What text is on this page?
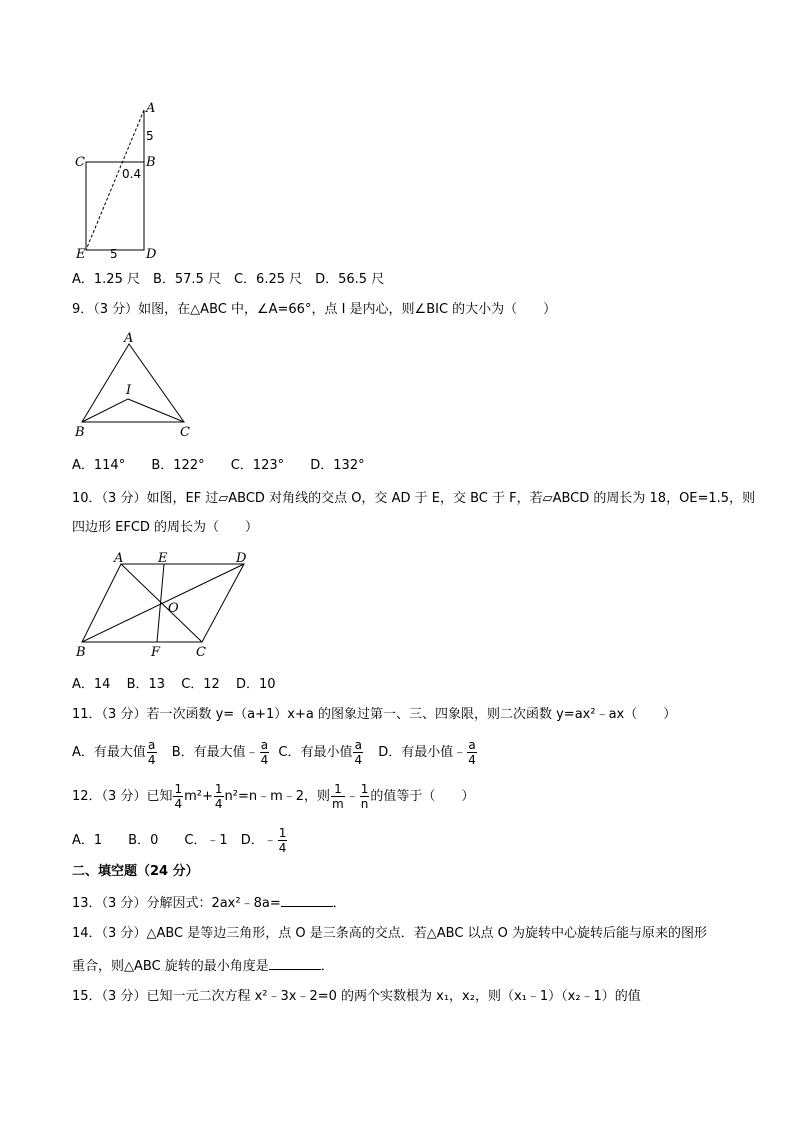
A
5
C	B
0.4
E 5 D
A．1.25 尺　B．57.5 尺　C．6.25 尺　D．56.5 尺
9．（3 分）如图，在△ABC 中，∠A=66°，点 I 是内心，则∠BIC 的大小为（　　）
A
I
B	C
A．114° B．122° C．123° D．132°
10．（3 分）如图，EF 过▱ABCD 对角线的交点 O，交 AD 于 E，交 BC 于 F，若▱ABCD 的周长为 18，OE=1.5，则
四边形 EFCD 的周长为（　　）
A	E	D
O
B	F	C
A．14 B．13 C．12 D．10
11．（3 分）若一次函数 y=（a+1）x+a 的图象过第一、三、四象限，则二次函数 y=ax²﹣ax（　　）
A．有最大值 $\frac{a}{4}$ B．有最大值﹣ $\frac{a}{4}$ C．有最小值 $\frac{a}{4}$ D．有最小值﹣ $\frac{a}{4}$
12．（3 分）已知 $\frac{1}{4} m^2+ \frac{1}{4}$ n²=n﹣m﹣2，则 $\frac{1}{m}$ ﹣ $\frac{1}{n}$ 的值等于（　　）
A．1　　B．0　　C．﹣1　D．﹣ $\frac{1}{4}$
二、填空题（24 分）
13．（3 分）分解因式：2ax²﹣8a=	．
14．（3 分）△ABC 是等边三角形，点 O 是三条高的交点．若△ABC 以点 O 为旋转中心旋转后能与原来的图形
重合，则△ABC 旋转的最小角度是	．
15．（3 分）已知一元二次方程 x²﹣3x﹣2=0 的两个实数根为 x₁，x₂，则（x₁﹣1）（x₂﹣1）的值
